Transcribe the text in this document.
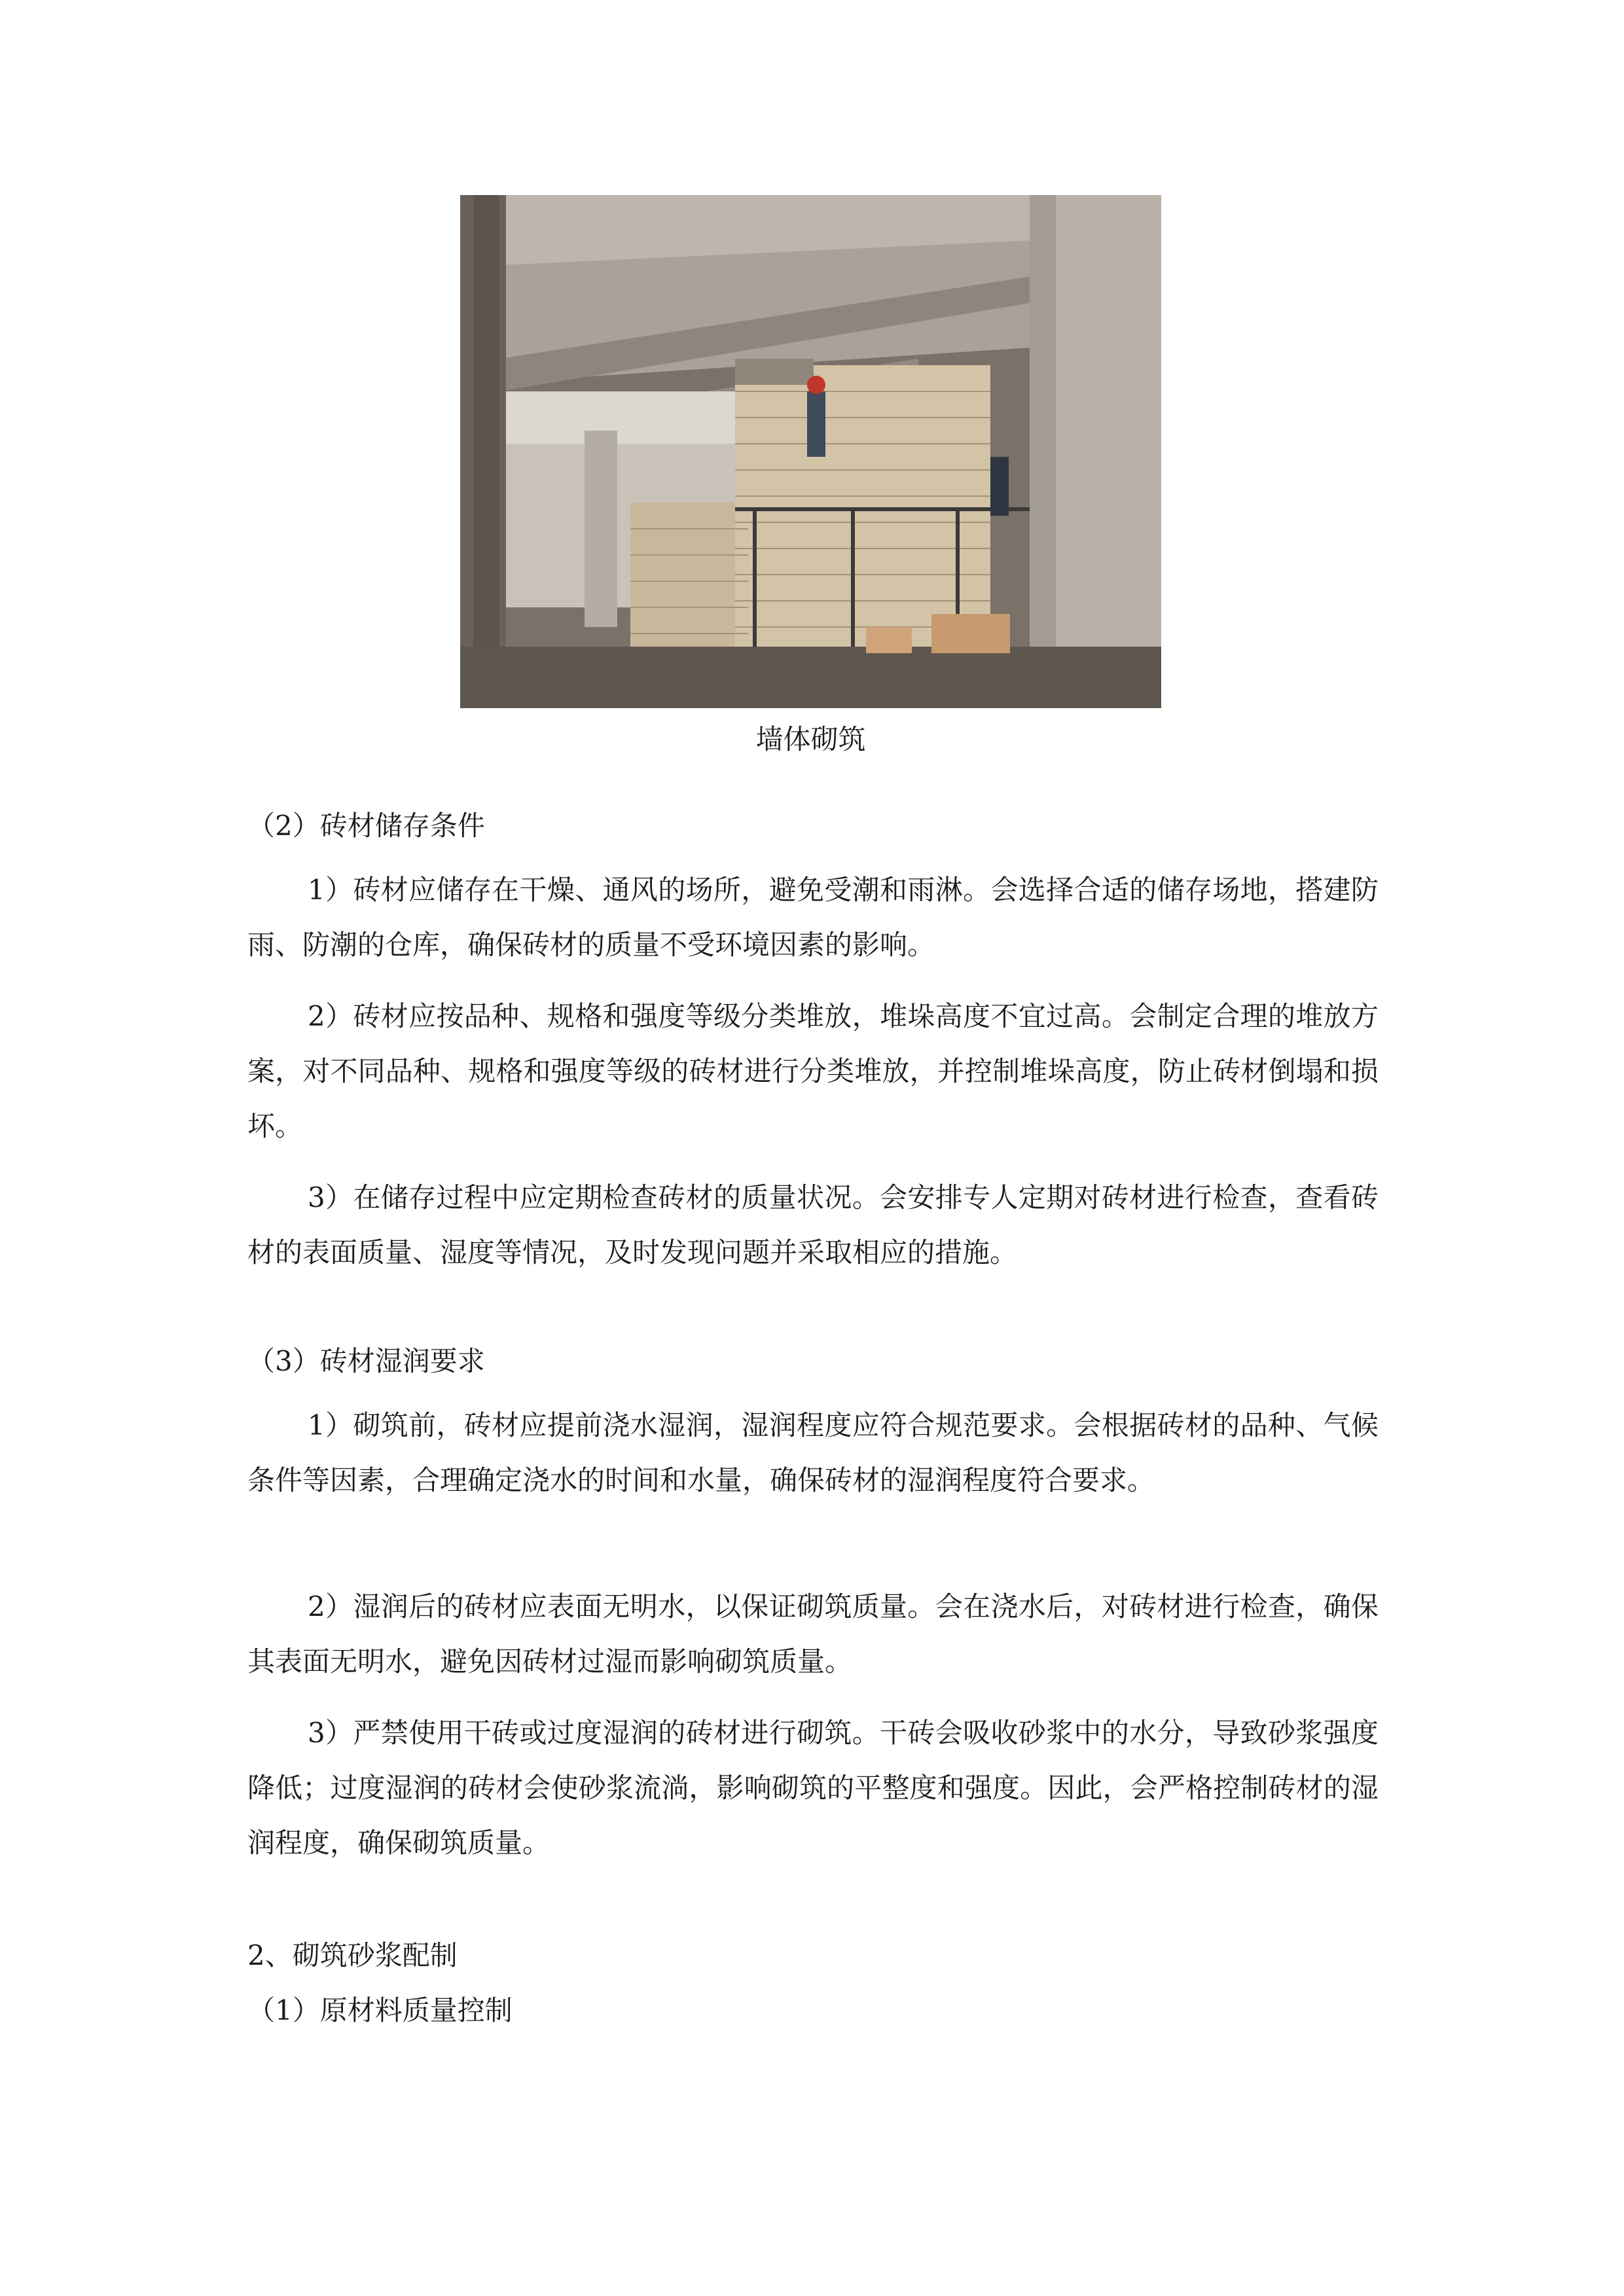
墙体砌筑
（2）砖材储存条件

1）砖材应储存在干燥、通风的场所，避免受潮和雨淋。会选择合适的储存场地，搭建防雨、防潮的仓库，确保砖材的质量不受环境因素的影响。

2）砖材应按品种、规格和强度等级分类堆放，堆垛高度不宜过高。会制定合理的堆放方案，对不同品种、规格和强度等级的砖材进行分类堆放，并控制堆垛高度，防止砖材倒塌和损坏。

3）在储存过程中应定期检查砖材的质量状况。会安排专人定期对砖材进行检查，查看砖材的表面质量、湿度等情况，及时发现问题并采取相应的措施。

（3）砖材湿润要求

1）砌筑前，砖材应提前浇水湿润，湿润程度应符合规范要求。会根据砖材的品种、气候条件等因素，合理确定浇水的时间和水量，确保砖材的湿润程度符合要求。

2）湿润后的砖材应表面无明水，以保证砌筑质量。会在浇水后，对砖材进行检查，确保其表面无明水，避免因砖材过湿而影响砌筑质量。

3）严禁使用干砖或过度湿润的砖材进行砌筑。干砖会吸收砂浆中的水分，导致砂浆强度降低；过度湿润的砖材会使砂浆流淌，影响砌筑的平整度和强度。因此，会严格控制砖材的湿润程度，确保砌筑质量。

2、砌筑砂浆配制
（1）原材料质量控制
